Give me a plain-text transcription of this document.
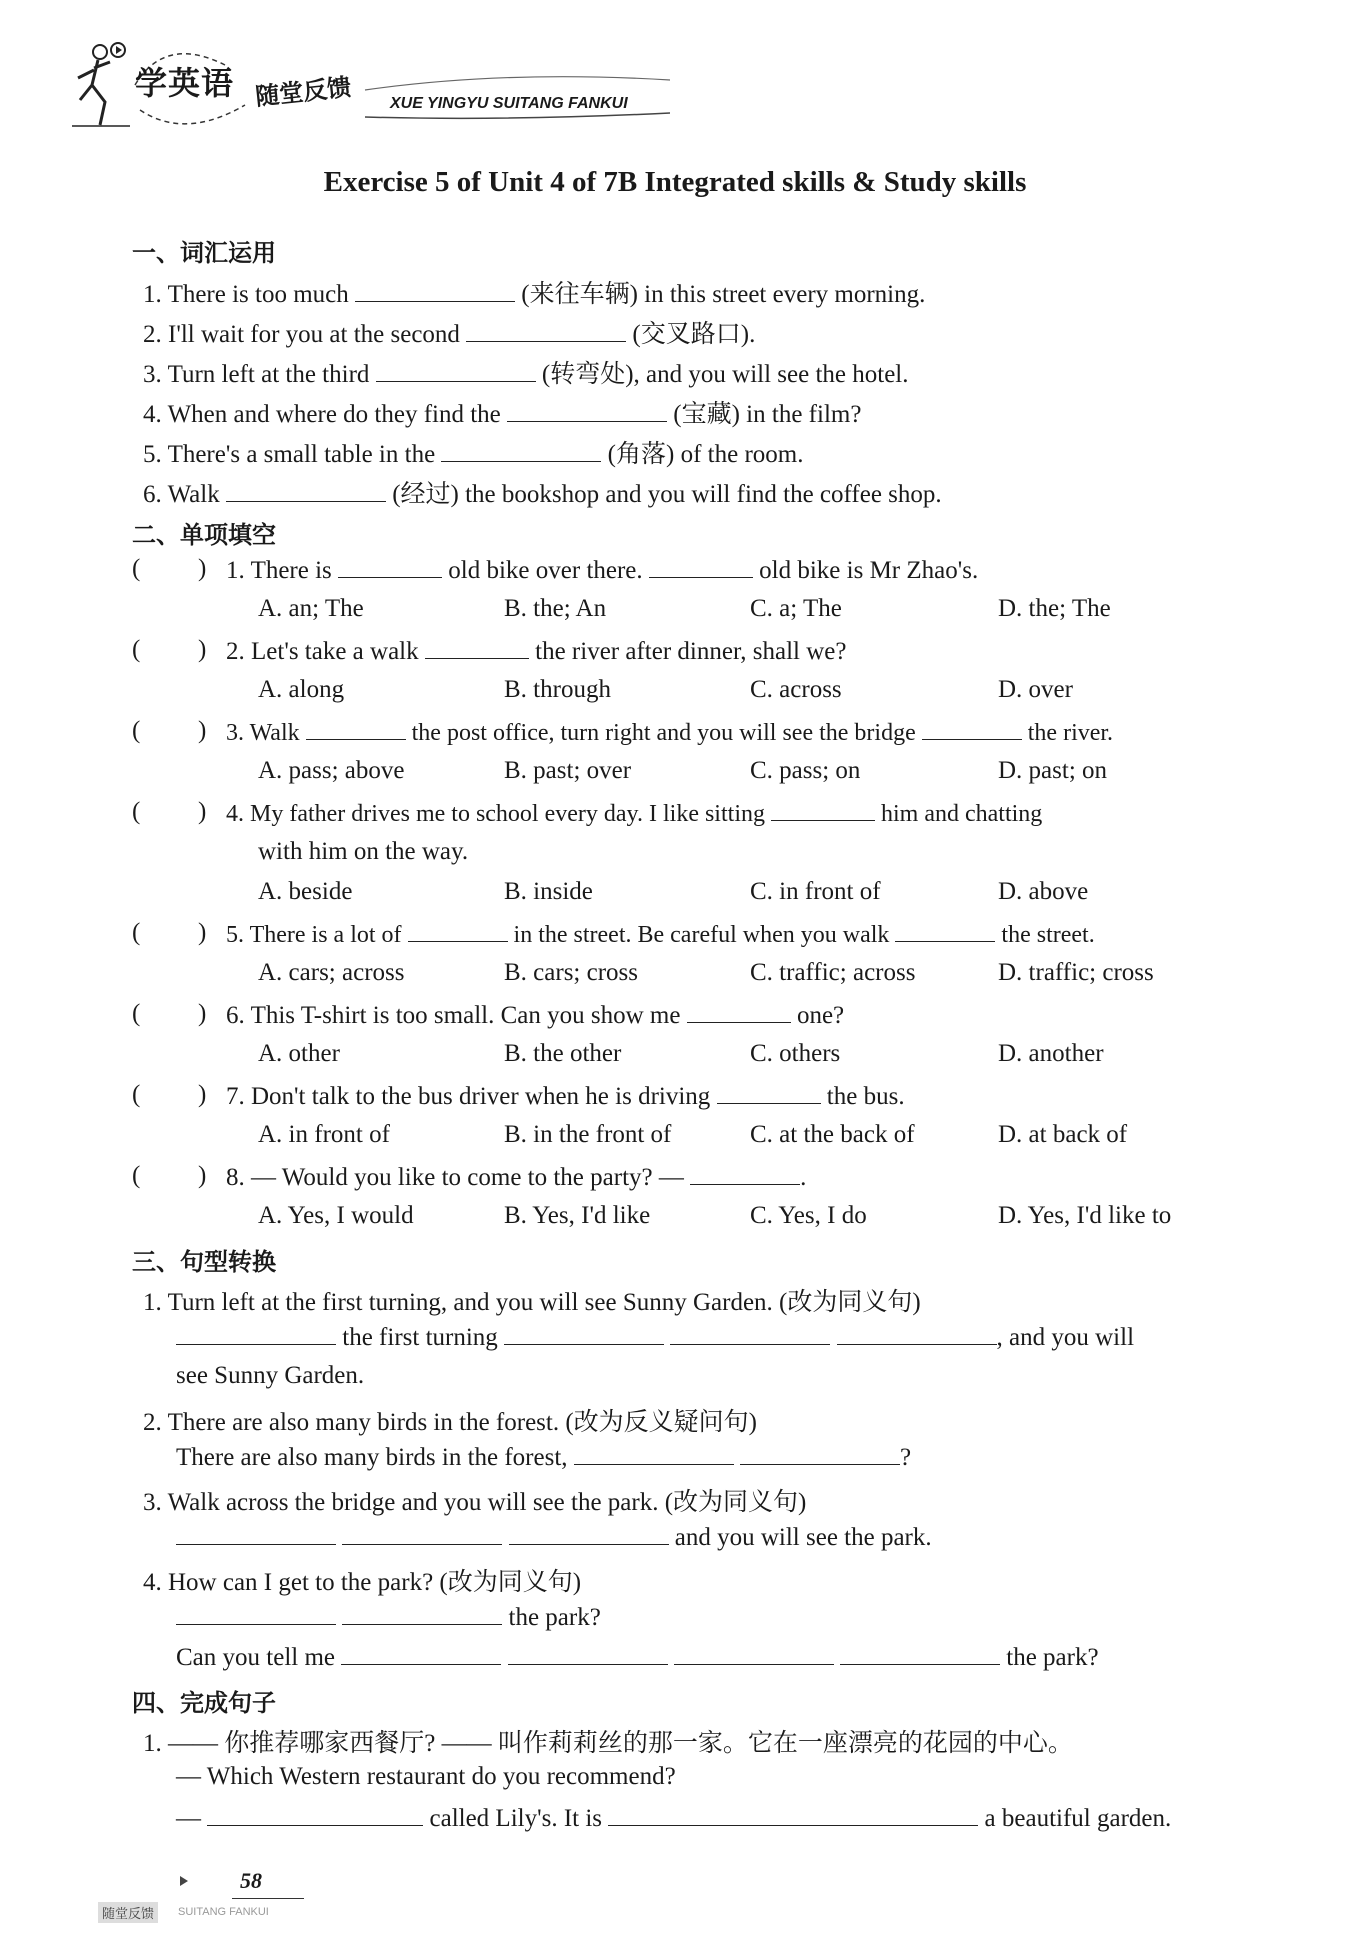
学英语 随堂反馈 XUE YINGYU SUITANG FANKUI
Exercise 5 of Unit 4 of 7B Integrated skills & Study skills
一、词汇运用
1. There is too much	(来往车辆) in this street every morning.
2. I'll wait for you at the second	(交叉路口).
3. Turn left at the third	(转弯处), and you will see the hotel.
4. When and where do they find the	(宝藏) in the film?
5. There's a small table in the	(角落) of the room.
6. Walk	(经过) the bookshop and you will find the coffee shop.
二、单项填空
( ) 1. There is	old bike over there.	old bike is Mr Zhao's.
A. an; The	B. the; An	C. a; The	D. the; The
( ) 2. Let's take a walk	the river after dinner, shall we?
A. along	B. through	C. across	D. over
( ) 3. Walk	the post office, turn right and you will see the bridge	the river.
A. pass; above	B. past; over	C. pass; on	D. past; on
( ) 4. My father drives me to school every day. I like sitting	him and chatting
with him on the way.
A. beside	B. inside	C. in front of	D. above
( ) 5. There is a lot of	in the street. Be careful when you walk	the street.
A. cars; across	B. cars; cross	C. traffic; across	D. traffic; cross
( ) 6. This T-shirt is too small. Can you show me	one?
A. other	B. the other	C. others	D. another
( ) 7. Don't talk to the bus driver when he is driving	the bus.
A. in front of	B. in the front of	C. at the back of	D. at back of
( ) 8. — Would you like to come to the party? —	.
A. Yes, I would	B. Yes, I'd like	C. Yes, I do	D. Yes, I'd like to
三、句型转换
1. Turn left at the first turning, and you will see Sunny Garden. (改为同义句)
the first turning	, and you will
see Sunny Garden.
2. There are also many birds in the forest. (改为反义疑问句)
There are also many birds in the forest,	?
3. Walk across the bridge and you will see the park. (改为同义句)
and you will see the park.
4. How can I get to the park? (改为同义句)
the park?
Can you tell me	the park?
四、完成句子
1. —— 你推荐哪家西餐厅? —— 叫作莉莉丝的那一家。它在一座漂亮的花园的中心。
— Which Western restaurant do you recommend?
—	called Lily's. It is	a beautiful garden.
58
随堂反馈	SUITANG FANKUI
